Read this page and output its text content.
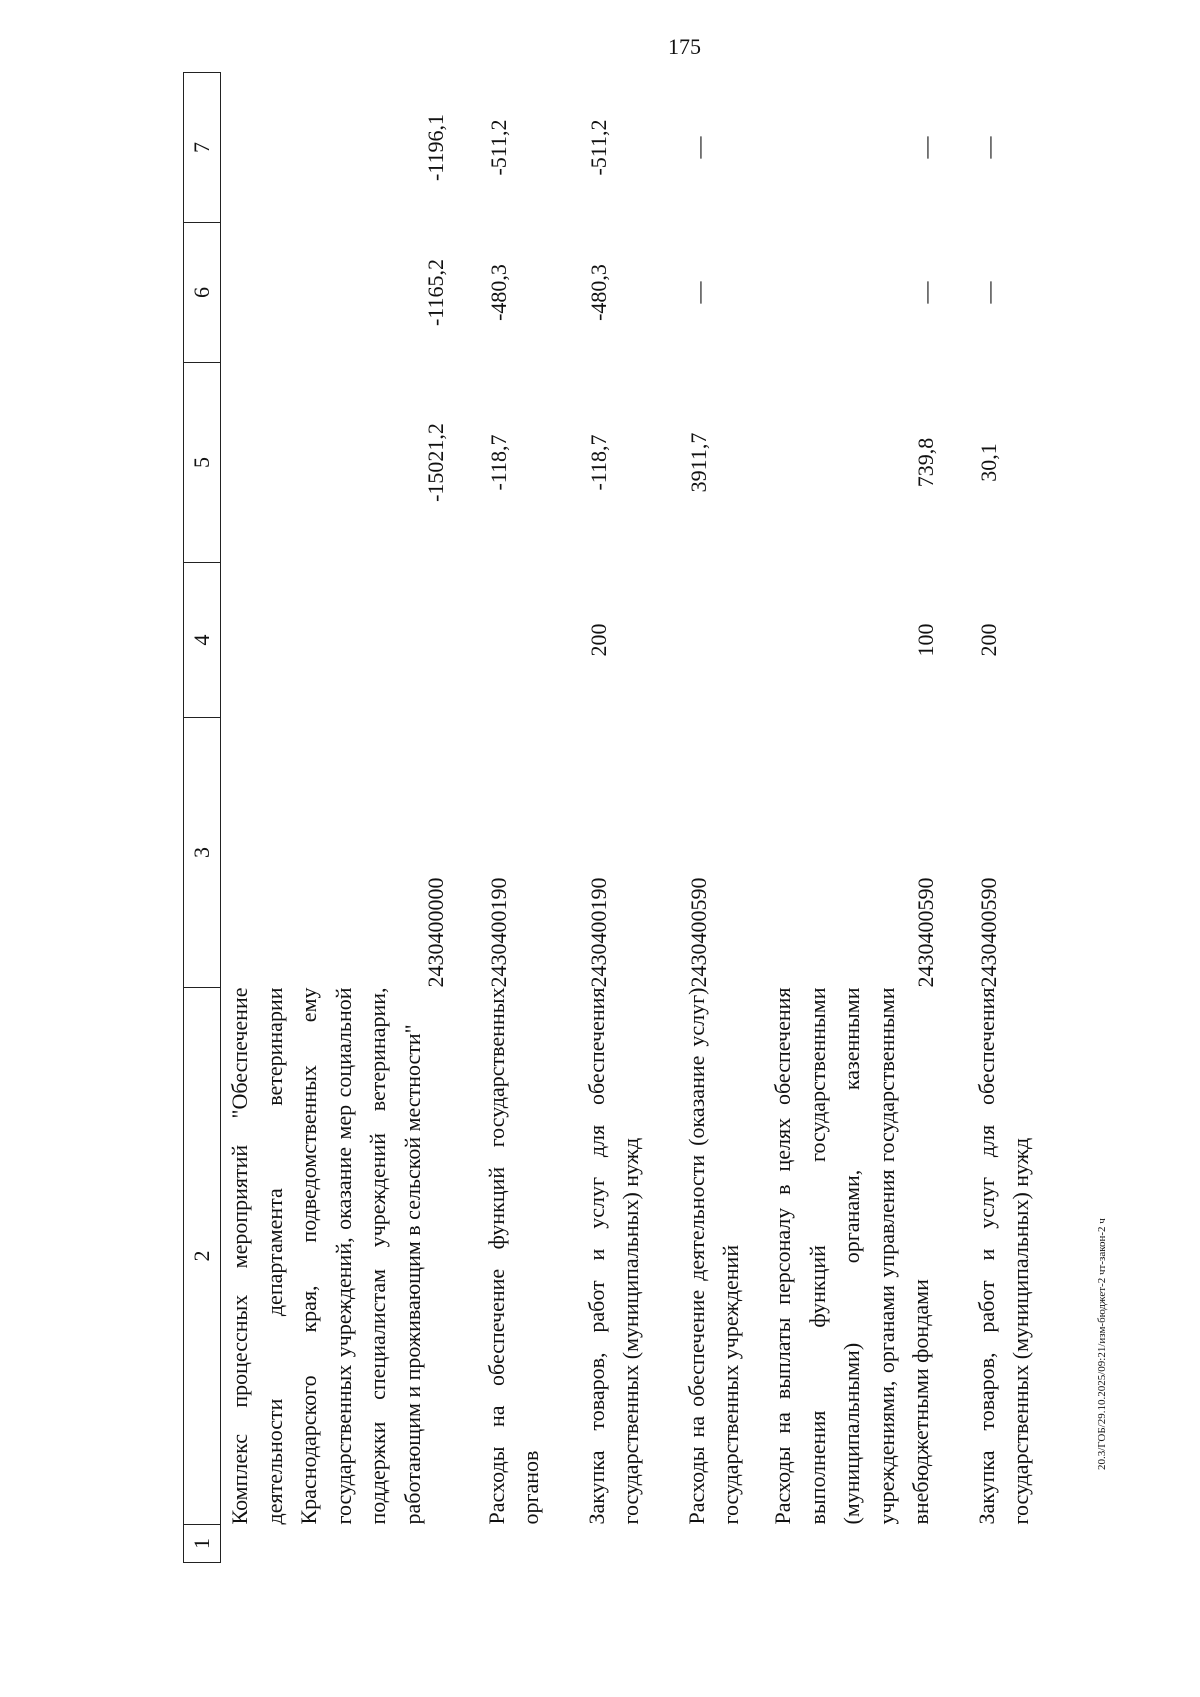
175
1	2	3	4	5	6	7
	Комплекс процессных мероприятий "Обеспечение деятельности департамента ветеринарии Краснодарского края, подведомственных ему государственных учреждений, оказание мер социальной поддержки специалистам учреждений ветеринарии, работающим и проживающим в сельской местности"	2430400000		-15021,2	-1165,2	-1196,1
	Расходы на обеспечение функций государственных органов	2430400190		-118,7	-480,3	-511,2
	Закупка товаров, работ и услуг для обеспечения государственных (муниципальных) нужд	2430400190	200	-118,7	-480,3	-511,2
	Расходы на обеспечение деятельности (оказание услуг) государственных учреждений	2430400590		3911,7	—	—
	Расходы на выплаты персоналу в целях обеспечения выполнения функций государственными (муниципальными) органами, казенными учреждениями, органами управления государственными внебюджетными фондами	2430400590	100	739,8	—	—
	Закупка товаров, работ и услуг для обеспечения государственных (муниципальных) нужд	2430400590	200	30,1	—	—
20.3/ГОБ/29.10.2025/09:21/изм-бюджет-2 чт-закон-2 ч
